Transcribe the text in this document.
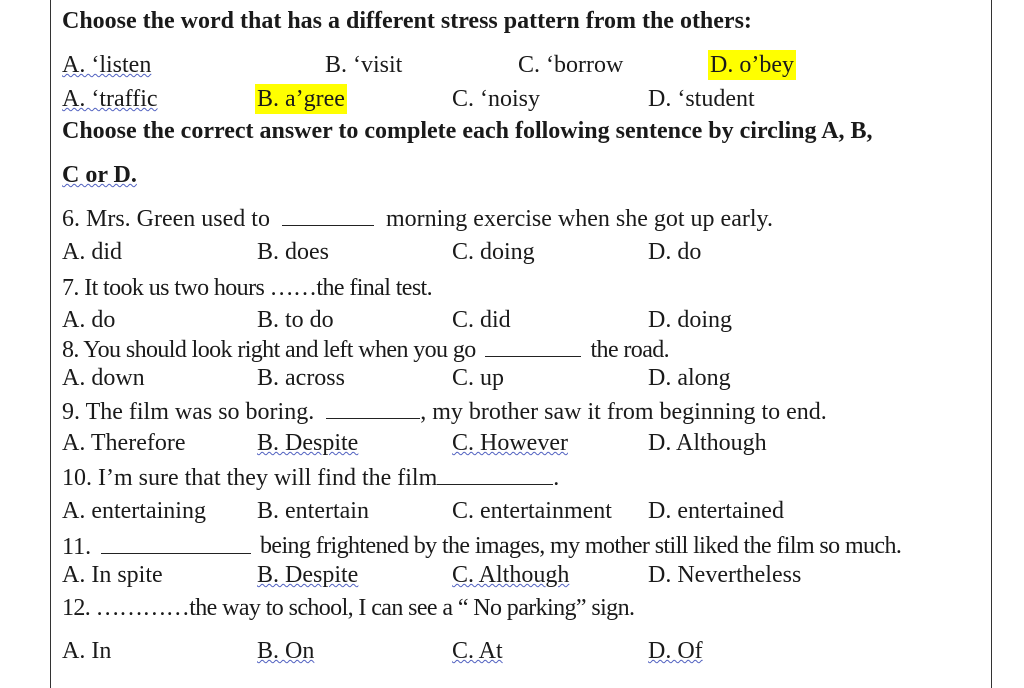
Choose the word that has a different stress pattern from the others:
A. ‘listen	B. ‘visit	C. ‘borrow	D. o’bey
A. ‘traffic	B. a’gree	C. ‘noisy	D. ‘student
Choose the correct answer to complete each following sentence by circling A, B,
C or D.
6. Mrs. Green used to	morning exercise when she got up early.
A. did	B. does	C. doing	D. do
7. It took us two hours ……the final test.
A. do	B. to do	C. did	D. doing
8. You should look right and left when you go	the road.
A. down	B. across	C. up	D. along
9. The film was so boring.	, my brother saw it from beginning to end.
A. Therefore	B. Despite	C. However	D. Although
10. I’m sure that they will find the film	.
A. entertaining B. entertain	C. entertainment D. entertained
11.	being frightened by the images, my mother still liked the film so much.
A. In spite	B. Despite	C. Although	D. Nevertheless
12. …………the way to school, I can see a “ No parking” sign.
A. In	B. On	C. At	D. Of
